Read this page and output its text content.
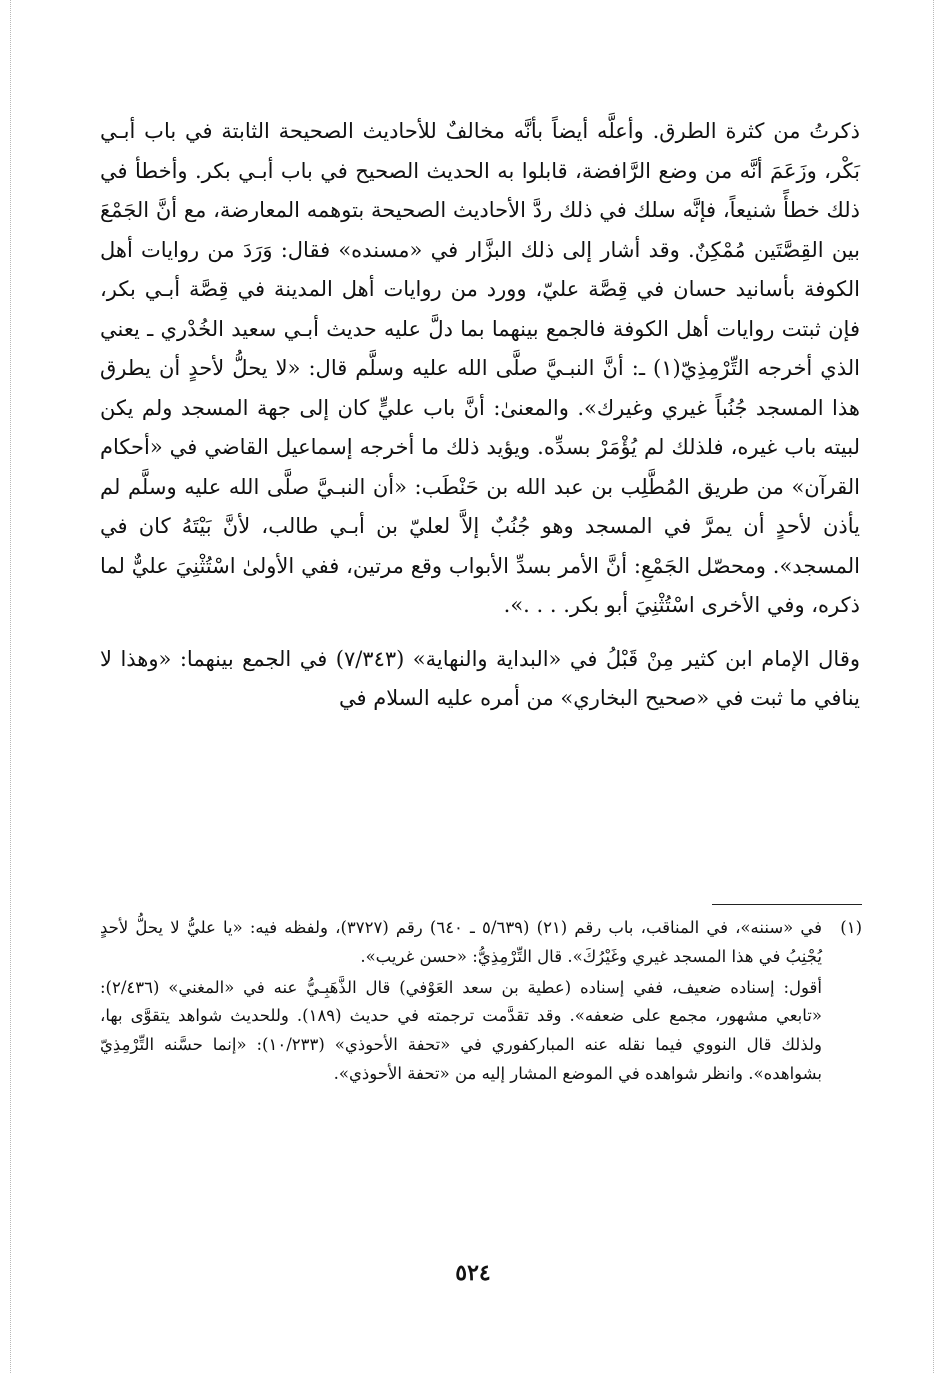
ذكرتُ من كثرة الطرق. وأعلَّه أيضاً بأنَّه مخالفٌ للأحاديث الصحيحة الثابتة في باب أبـي بَكْر، وزَعَمَ أنَّه من وضع الرَّافضة، قابلوا به الحديث الصحيح في باب أبـي بكر. وأخطأ في ذلك خطأً شنيعاً، فإنَّه سلك في ذلك ردَّ الأحاديث الصحيحة بتوهمه المعارضة، مع أنَّ الجَمْعَ بين القِصَّتَين مُمْكِنٌ. وقد أشار إلى ذلك البزَّار في «مسنده» فقال: وَرَدَ من روايات أهل الكوفة بأسانيد حسان في قِصَّة عليّ، وورد من روايات أهل المدينة في قِصَّة أبـي بكر، فإن ثبتت روايات أهل الكوفة فالجمع بينهما بما دلَّ عليه حديث أبـي سعيد الخُدْري ـ يعني الذي أخرجه التِّرْمِذِيّ(١) ـ: أنَّ النبـيَّ صلَّى الله عليه وسلَّم قال: «لا يحلُّ لأحدٍ أن يطرق هذا المسجد جُنُباً غيري وغيرك». والمعنىٰ: أنَّ باب عليٍّ كان إلى جهة المسجد ولم يكن لبيته باب غيره، فلذلك لم يُؤْمَرْ بسدِّه. ويؤيد ذلك ما أخرجه إسماعيل القاضي في «أحكام القرآن» من طريق المُطَّلِب بن عبد الله بن حَنْطَب: «أن النبـيَّ صلَّى الله عليه وسلَّم لم يأذن لأحدٍ أن يمرَّ في المسجد وهو جُنُبٌ إلاَّ لعليّ بن أبـي طالب، لأنَّ بَيْتَهُ كان في المسجد». ومحصّل الجَمْعِ: أنَّ الأمر بسدِّ الأبواب وقع مرتين، ففي الأولىٰ اسْتُثْنِيَ عليٌّ لما ذكره، وفي الأخرى اسْتُثْنِيَ أبو بكر. . . .».

وقال الإمام ابن كثير مِنْ قَبْلُ في «البداية والنهاية» (٧/٣٤٣) في الجمع بينهما: «وهذا لا ينافي ما ثبت في «صحيح البخاري» من أمره عليه السلام في

(١)

في «سننه»، في المناقب، باب رقم (٢١) (٥/٦٣٩ ـ ٦٤٠) رقم (٣٧٢٧)، ولفظه فيه: «يا عليُّ لا يحلُّ لأحدٍ يُجْنِبُ في هذا المسجد غيري وغَيْرُكَ». قال التِّرْمِذِيُّ: «حسن غريب».

أقول: إسناده ضعيف، ففي إسناده (عطية بن سعد العَوْفي) قال الذَّهَبِـيُّ عنه في «المغني» (٢/٤٣٦): «تابعي مشهور، مجمع على ضعفه». وقد تقدَّمت ترجمته في حديث (١٨٩). وللحديث شواهد يتقوَّى بها، ولذلك قال النووي فيما نقله عنه المباركفوري في «تحفة الأحوذي» (١٠/٢٣٣): «إنما حسَّنه التِّرْمِذِيّ بشواهده». وانظر شواهده في الموضع المشار إليه من «تحفة الأحوذي».

٥٢٤
